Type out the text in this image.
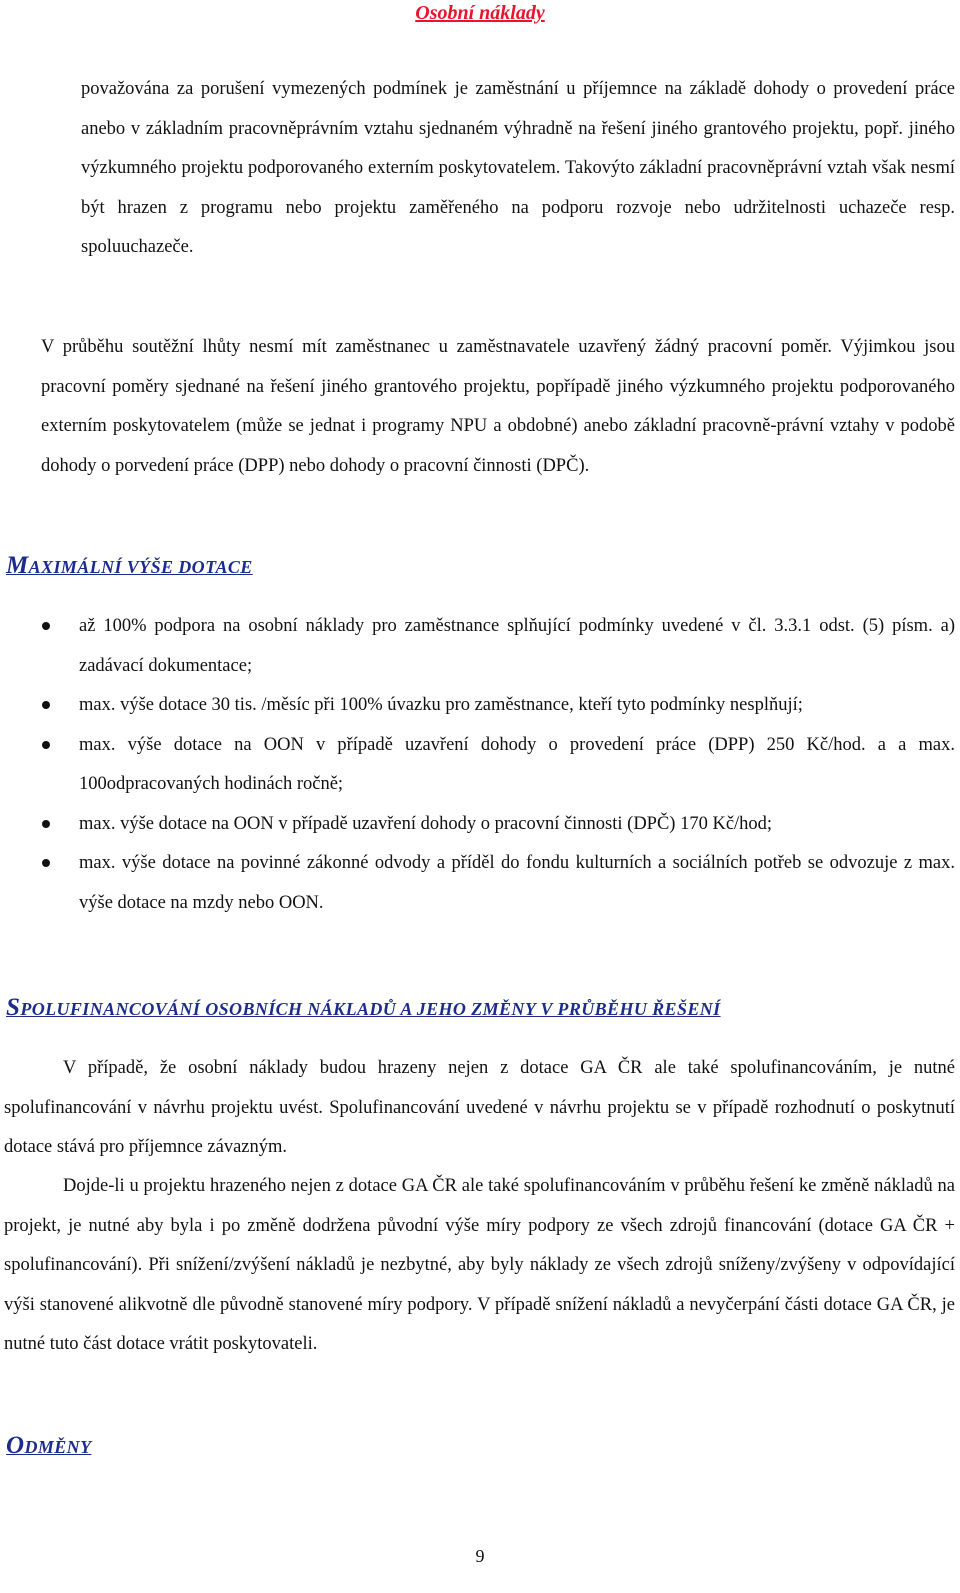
Osobní náklady

považována za porušení vymezených podmínek je zaměstnání u příjemnce na základě dohody o provedení práce anebo v základním pracovněprávním vztahu sjednaném výhradně na řešení jiného grantového projektu, popř. jiného výzkumného projektu podporovaného externím poskytovatelem. Takovýto základní pracovněprávní vztah však nesmí být hrazen z programu nebo projektu zaměřeného na podporu rozvoje nebo udržitelnosti uchazeče resp. spoluuchazeče.

V průběhu soutěžní lhůty nesmí mít zaměstnanec u zaměstnavatele uzavřený žádný pracovní poměr. Výjimkou jsou pracovní poměry sjednané na řešení jiného grantového projektu, popřípadě jiného výzkumného projektu podporovaného externím poskytovatelem (může se jednat i programy NPU a obdobné) anebo základní pracovně-právní vztahy v podobě dohody o porvedení práce (DPP) nebo dohody o pracovní činnosti (DPČ).

MAXIMÁLNÍ VÝŠE DOTACE
až 100% podpora na osobní náklady pro zaměstnance splňující podmínky uvedené v čl. 3.3.1 odst. (5) písm. a) zadávací dokumentace;
max. výše dotace 30 tis. /měsíc při 100% úvazku pro zaměstnance, kteří tyto podmínky nesplňují;
max. výše dotace na OON v případě uzavření dohody o provedení práce (DPP) 250 Kč/hod. a a max. 100odpracovaných hodinách ročně;
max. výše dotace na OON v případě uzavření dohody o pracovní činnosti (DPČ) 170 Kč/hod;
max. výše dotace na povinné zákonné odvody a příděl do fondu kulturních a sociálních potřeb se odvozuje z max. výše dotace na mzdy nebo OON.
SPOLUFINANCOVÁNÍ OSOBNÍCH NÁKLADŮ A JEHO ZMĚNY V PRŮBĚHU ŘEŠENÍ

V případě, že osobní náklady budou hrazeny nejen z dotace GA ČR ale také spolufinancováním, je nutné spolufinancování v návrhu projektu uvést. Spolufinancování uvedené v návrhu projektu se v případě rozhodnutí o poskytnutí dotace stává pro příjemnce závazným.

Dojde-li u projektu hrazeného nejen z dotace GA ČR ale také spolufinancováním v průběhu řešení ke změně nákladů na projekt, je nutné aby byla i po změně dodržena původní výše míry podpory ze všech zdrojů financování (dotace GA ČR + spolufinancování). Při snížení/zvýšení nákladů je nezbytné, aby byly náklady ze všech zdrojů sníženy/zvýšeny v odpovídající výši stanovené alikvotně dle původně stanovené míry podpory. V případě snížení nákladů a nevyčerpání části dotace GA ČR, je nutné tuto část dotace vrátit poskytovateli.

ODMĚNY
9
